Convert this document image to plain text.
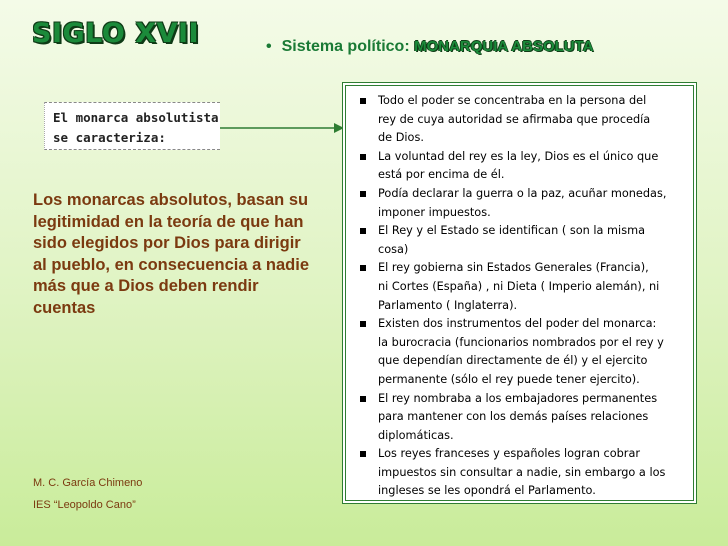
SIGLO XVII	• Sistema político: MONARQUIA ABSOLUTA
El monarca absolutista
se caracteriza:
Los monarcas absolutos, basan su legitimidad en la teoría de que han sido elegidos por Dios para dirigir al pueblo, en consecuencia a nadie más que a Dios deben rendir cuentas
M. C. García Chimeno
IES “Leopoldo Cano”
Todo el poder se concentraba en la persona del
rey de cuya autoridad se afirmaba que procedía
de Dios.
La voluntad del rey es la ley, Dios es el único que
está por encima de él.
Podía declarar la guerra o la paz, acuñar monedas,
imponer impuestos.
El Rey y el Estado se identifican ( son la misma
cosa)
El rey gobierna sin Estados Generales (Francia),
ni Cortes (España) , ni Dieta ( Imperio alemán), ni
Parlamento ( Inglaterra).
Existen dos instrumentos del poder del monarca:
la burocracia (funcionarios nombrados por el rey y
que dependían directamente de él) y el ejercito
permanente (sólo el rey puede tener ejercito).
El rey nombraba a los embajadores permanentes
para mantener con los demás países relaciones
diplomáticas.
Los reyes franceses y españoles logran cobrar
impuestos sin consultar a nadie, sin embargo a los
ingleses se les opondrá el Parlamento.
